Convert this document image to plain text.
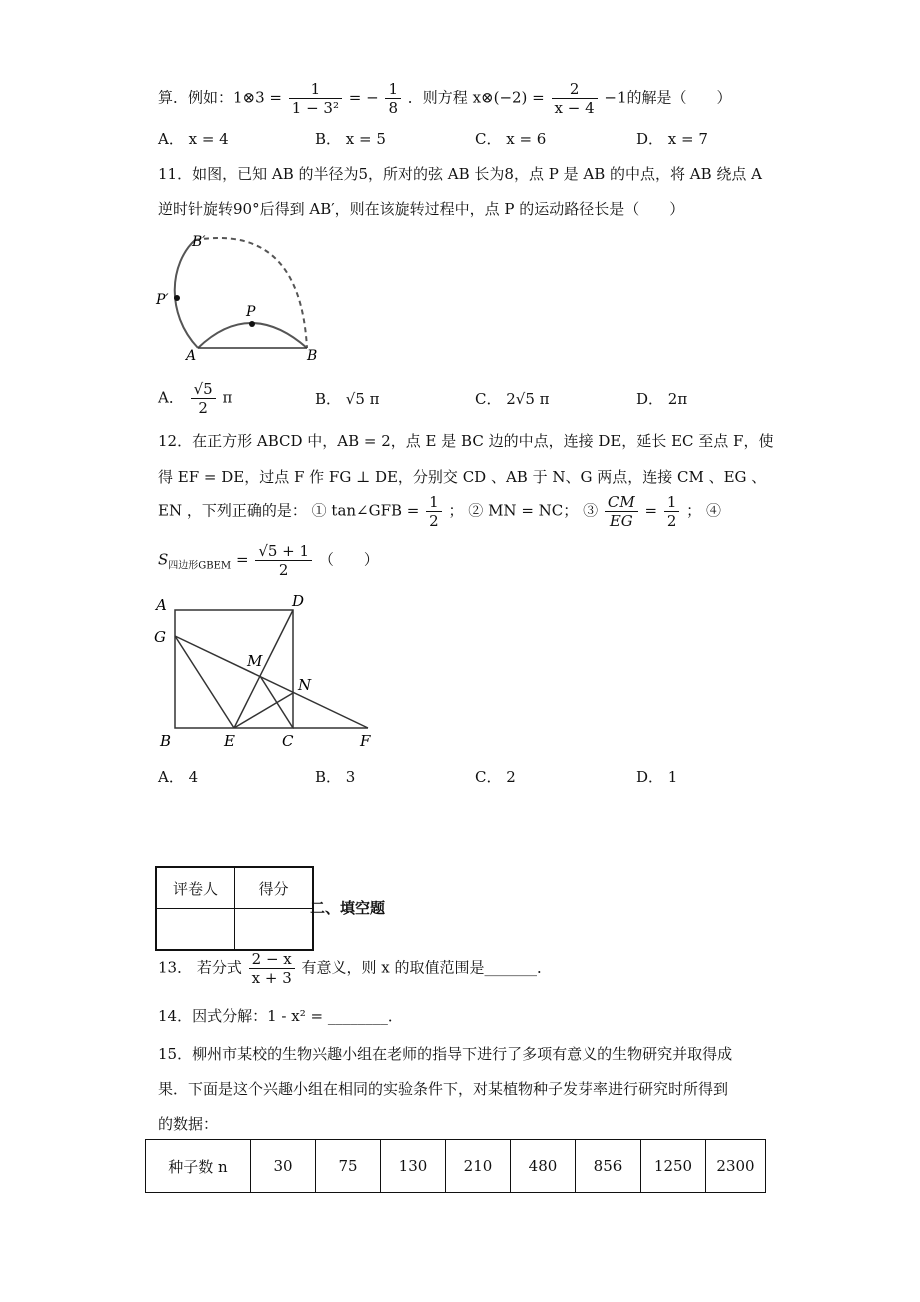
算．例如：1⊗3 = $\frac{1}{\text{1 − 3²}}$ = − $\frac{1}{8}$ ．则方程 x⊗(−2) = $\frac{2}{x - 4} -1$的解是（　　）
A． x = 4	B． x = 5	C． x = 6	D． x = 7
11．如图，已知 AB 的半径为5，所对的弦 AB 长为8，点 P 是 AB 的中点，将 AB 绕点 A
逆时针旋转90°后得到 AB′，则在该旋转过程中，点 P 的运动路径长是（　　）
B′
P′
P
A	B
A． $\frac{√5}{2}$ π	B． √5 π	C． 2√5 π	D． 2π
12．在正方形 ABCD 中，AB = 2，点 E 是 BC 边的中点，连接 DE，延长 EC 至点 F，使
得 EF = DE，过点 F 作 FG ⊥ DE，分别交 CD 、AB 于 N、G 两点，连接 CM 、EG 、
EN ，下列正确的是： ① tan∠GFB = $\frac{1}{2}$ ； ② MN = NC； ③ $\frac{CM}{EG} = \frac{1}{2}$ ； ④
$S_{四边形GBEM} = \frac{√5 + 1}{2}$ （　　）
A	D
G
M
N
B	E	C	F
A． 4	B． 3	C． 2	D． 1
评卷人	得分

二、填空题
13． 若分式 $\frac{2 - x}{x + 3}$ 有意义，则 x 的取值范围是_______．
14．因式分解：1 - x² = ________．
15．柳州市某校的生物兴趣小组在老师的指导下进行了多项有意义的生物研究并取得成
果．下面是这个兴趣小组在相同的实验条件下，对某植物种子发芽率进行研究时所得到
的数据：
种子数 n	30	75	130	210	480	856	1250	2300
